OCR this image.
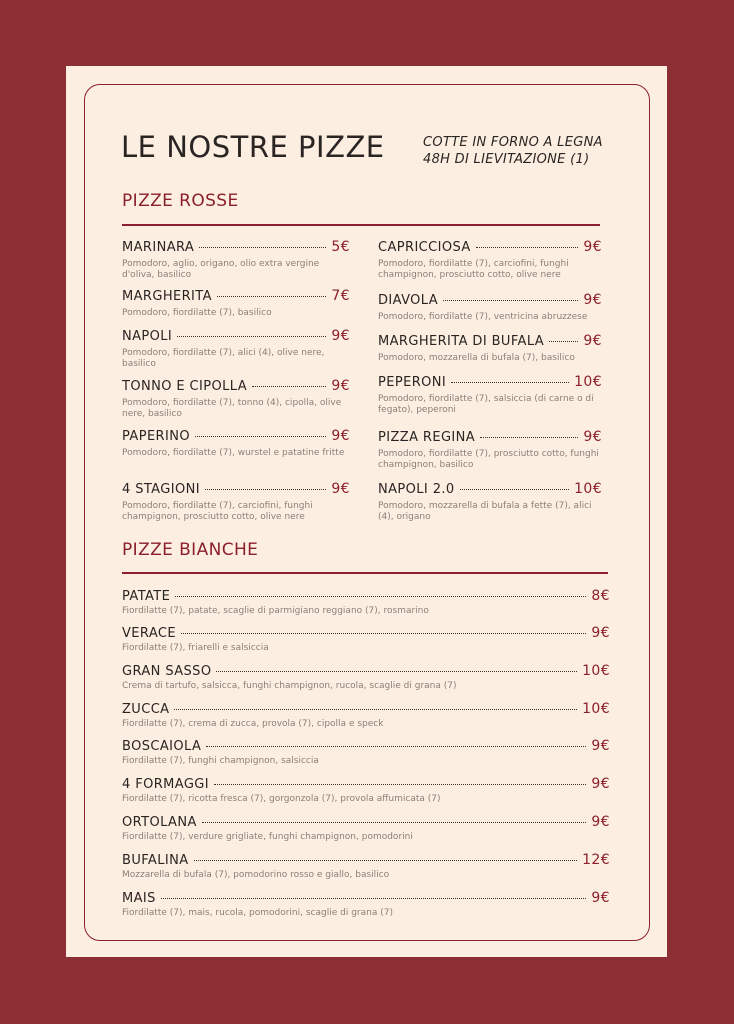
LE NOSTRE PIZZE	COTTE IN FORNO A LEGNA
48H DI LIEVITAZIONE (1)
PIZZE ROSSE
PIZZE BIANCHE
MARINARA	5€
Pomodoro, aglio, origano, olio extra vergine d'oliva, basilico
MARGHERITA	7€
Pomodoro, fiordilatte (7), basilico
NAPOLI	9€
Pomodoro, fiordilatte (7), alici (4), olive nere, basilico
TONNO E CIPOLLA	9€
Pomodoro, fiordilatte (7), tonno (4), cipolla, olive nere, basilico
PAPERINO	9€
Pomodoro, fiordilatte (7), wurstel e patatine fritte
4 STAGIONI	9€
Pomodoro, fiordilatte (7), carciofini, funghi champignon, prosciutto cotto, olive nere
CAPRICCIOSA	9€
Pomodoro, fiordilatte (7), carciofini, funghi champignon, prosciutto cotto, olive nere
DIAVOLA	9€
Pomodoro, fiordilatte (7), ventricina abruzzese
MARGHERITA DI BUFALA	9€
Pomodoro, mozzarella di bufala (7), basilico
PEPERONI	10€
Pomodoro, fiordilatte (7), salsiccia (di carne o di fegato), peperoni
PIZZA REGINA	9€
Pomodoro, fiordilatte (7), prosciutto cotto, funghi champignon, basilico
NAPOLI 2.0	10€
Pomodoro, mozzarella di bufala a fette (7), alici (4), origano
PATATE	8€
Fiordilatte (7), patate, scaglie di parmigiano reggiano (7), rosmarino
VERACE	9€
Fiordilatte (7), friarelli e salsiccia
GRAN SASSO	10€
Crema di tartufo, salsicca, funghi champignon, rucola, scaglie di grana (7)
ZUCCA	10€
Fiordilatte (7), crema di zucca, provola (7), cipolla e speck
BOSCAIOLA	9€
Fiordilatte (7), funghi champignon, salsiccia
4 FORMAGGI	9€
Fiordilatte (7), ricotta fresca (7), gorgonzola (7), provola affumicata (7)
ORTOLANA	9€
Fiordilatte (7), verdure grigliate, funghi champignon, pomodorini
BUFALINA	12€
Mozzarella di bufala (7), pomodorino rosso e giallo, basilico
MAIS	9€
Fiordilatte (7), mais, rucola, pomodorini, scaglie di grana (7)
